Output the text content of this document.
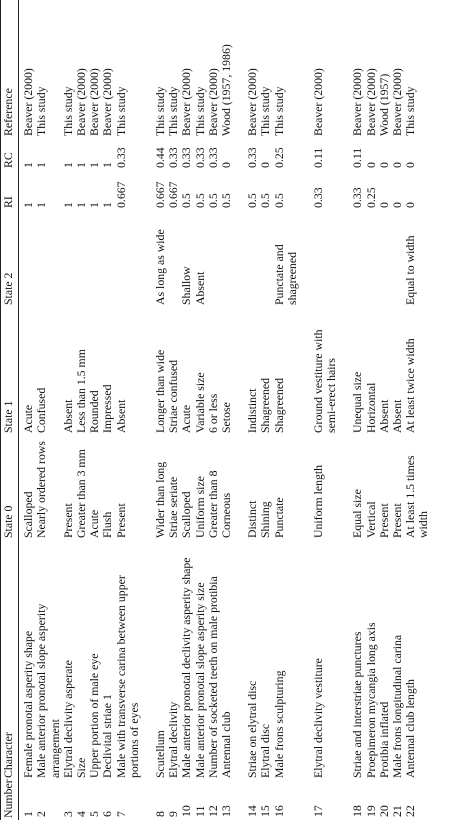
Number	Character	State 0	State 1	State 2	RI	RC	Reference
1	Female pronotal asperity shape	Scalloped	Acute		1	1	Beaver (2000)
2	Male anterior pronotal slope asperity arrangement	Nearly ordered rows	Confused		1	1	This study
3	Elytral declivity asperate	Present	Absent		1	1	This study
4	Size	Greater than 3 mm	Less than 1.5 mm		1	1	Beaver (2000)
5	Upper portion of male eye	Acute	Rounded		1	1	Beaver (2000)
6	Declivital striae 1	Flush	Impressed		1	1	Beaver (2000)
7	Male with transverse carina between upper portions of eyes	Present	Absent		0.667	0.33	This study
8	Scutellum	Wider than long	Longer than wide	As long as wide	0.667	0.44	This study
9	Elytral declivity	Striae seriate	Striae confused		0.667	0.33	This study
10	Male anterior pronotal declivity asperity shape	Scalloped	Acute	Shallow	0.5	0.33	Beaver (2000)
11	Male anterior pronotal slope asperity size	Uniform size	Variable size	Absent	0.5	0.33	This study
12	Number of socketed teeth on male protibia	Greater than 8	6 or less		0.5	0.33	Beaver (2000)
13	Antennal club	Corneous	Setose		0.5	0	Wood (1957, 1986)
14	Striae on elytral disc	Distinct	Indistinct		0.5	0.33	Beaver (2000)
15	Elytral disc	Shining	Shagreened		0.5	0	This study
16	Male frons sculpturing	Punctate	Shagreened	Punctate and shagreened	0.5	0.25	This study
17	Elytral declivity vestiture	Uniform length	Ground vestiture with semi-erect hairs		0.33	0.11	Beaver (2000)
18	Striae and interstriae punctures	Equal size	Unequal size		0.33	0.11	Beaver (2000)
19	Proepimeron mycangia long axis	Vertical	Horizontal		0.25	0	Beaver (2000)
20	Protibia inflated	Present	Absent		0	0	Wood (1957)
21	Male frons longitudinal carina	Present	Absent		0	0	Beaver (2000)
22	Antennal club length	At least 1.5 times width	At least twice width	Equal to width	0	0	This study
